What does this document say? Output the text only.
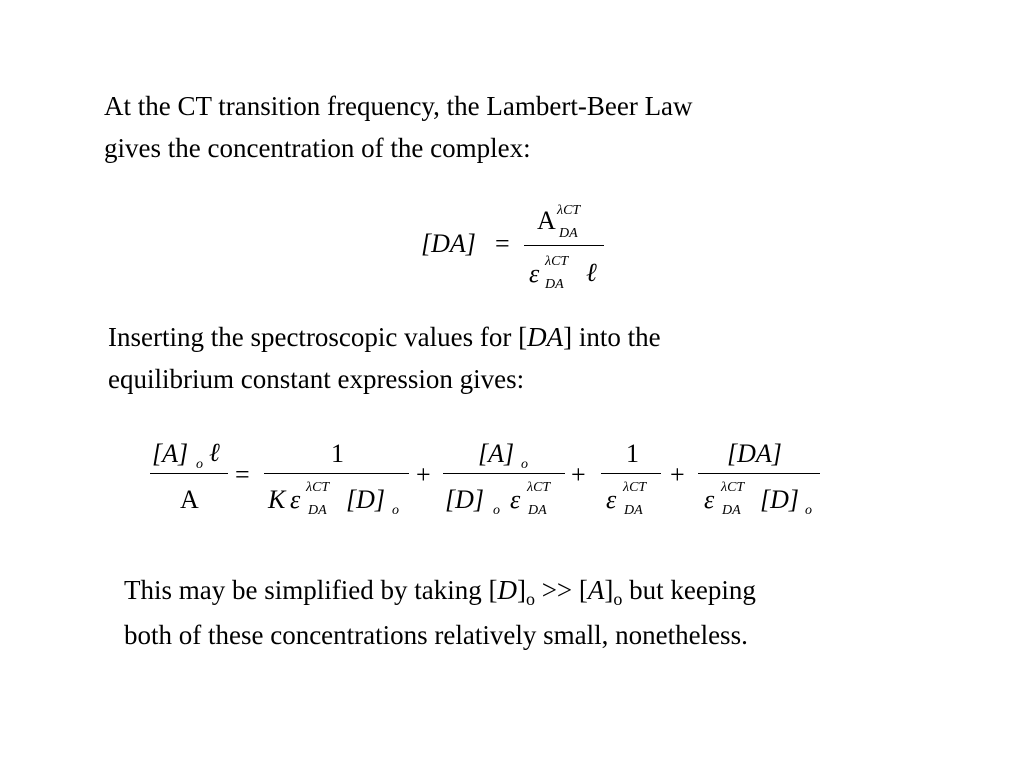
At the CT transition frequency, the Lambert-Beer Law
gives the concentration of the complex:

[DA] =
A λCT
DA
ε λCT
DA ℓ

Inserting the spectroscopic values for [DA] into the
equilibrium constant expression gives:

[A] o ℓ
A
=
1
K ε λCT
DA [D] o
+
[A] o
[D] o ε λCT
DA
+
1
ε λCT
DA
+
[DA]
ε λCT
DA [D] o

This may be simplified by taking $[D]_o >> [A]_o$ but keeping
both of these concentrations relatively small, nonetheless.
